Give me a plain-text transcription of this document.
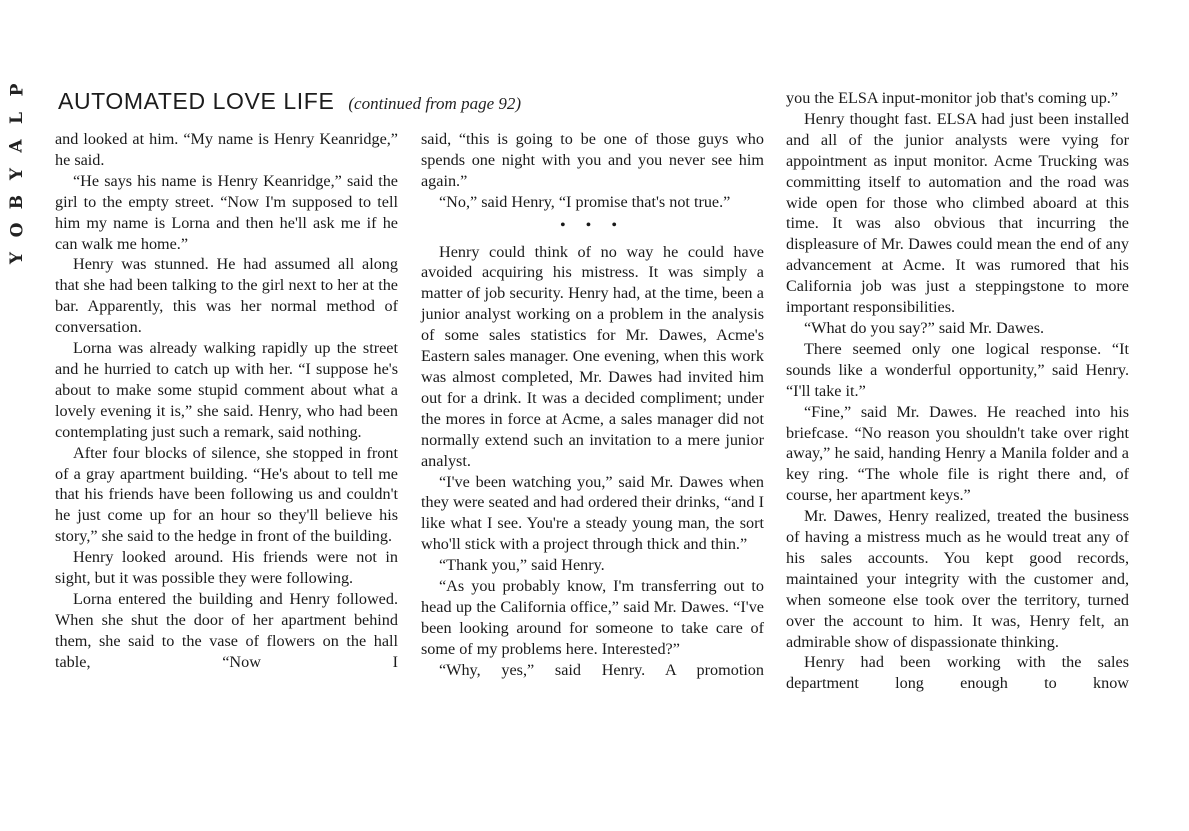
P
L
A
Y
B
O
Y
AUTOMATED LOVE LIFE (continued from page 92)

and looked at him. “My name is Henry Keanridge,” he said.

“He says his name is Henry Keanridge,” said the girl to the empty street. “Now I'm supposed to tell him my name is Lorna and then he'll ask me if he can walk me home.”

Henry was stunned. He had assumed all along that she had been talking to the girl next to her at the bar. Apparently, this was her normal method of conversation.

Lorna was already walking rapidly up the street and he hurried to catch up with her. “I suppose he's about to make some stupid comment about what a lovely evening it is,” she said. Henry, who had been contemplating just such a remark, said nothing.

After four blocks of silence, she stopped in front of a gray apartment building. “He's about to tell me that his friends have been following us and couldn't he just come up for an hour so they'll believe his story,” she said to the hedge in front of the building.

Henry looked around. His friends were not in sight, but it was possible they were following.

Lorna entered the building and Henry followed. When she shut the door of her apartment behind them, she said to the vase of flowers on the hall table, “Now I

said, “this is going to be one of those guys who spends one night with you and you never see him again.”

“No,” said Henry, “I promise that's not true.”

• • •

Henry could think of no way he could have avoided acquiring his mistress. It was simply a matter of job security. Henry had, at the time, been a junior analyst working on a problem in the analysis of some sales statistics for Mr. Dawes, Acme's Eastern sales manager. One evening, when this work was almost completed, Mr. Dawes had invited him out for a drink. It was a decided compliment; under the mores in force at Acme, a sales manager did not normally extend such an invitation to a mere junior analyst.

“I've been watching you,” said Mr. Dawes when they were seated and had ordered their drinks, “and I like what I see. You're a steady young man, the sort who'll stick with a project through thick and thin.”

“Thank you,” said Henry.

“As you probably know, I'm transferring out to head up the California office,” said Mr. Dawes. “I've been looking around for someone to take care of some of my problems here. Interested?”

“Why, yes,” said Henry. A promotion

you the ELSA input-monitor job that's coming up.”

Henry thought fast. ELSA had just been installed and all of the junior analysts were vying for appointment as input monitor. Acme Trucking was committing itself to automation and the road was wide open for those who climbed aboard at this time. It was also obvious that incurring the displeasure of Mr. Dawes could mean the end of any advancement at Acme. It was rumored that his California job was just a steppingstone to more important responsibilities.

“What do you say?” said Mr. Dawes.

There seemed only one logical response. “It sounds like a wonderful opportunity,” said Henry. “I'll take it.”

“Fine,” said Mr. Dawes. He reached into his briefcase. “No reason you shouldn't take over right away,” he said, handing Henry a Manila folder and a key ring. “The whole file is right there and, of course, her apartment keys.”

Mr. Dawes, Henry realized, treated the business of having a mistress much as he would treat any of his sales accounts. You kept good records, maintained your integrity with the customer and, when someone else took over the territory, turned over the account to him. It was, Henry felt, an admirable show of dispassionate thinking.

Henry had been working with the sales department long enough to know
